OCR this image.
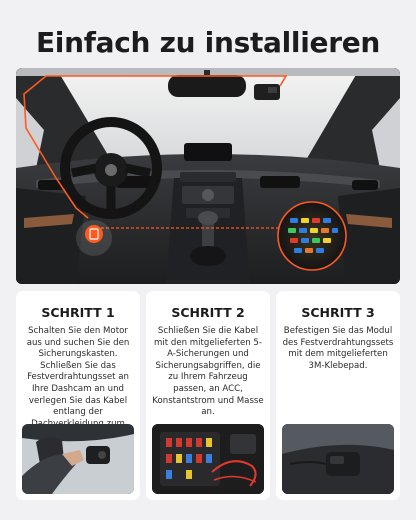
Einfach zu installieren
SCHRITT 1
Schalten Sie den Motor aus und suchen Sie den Sicherungskasten. Schließen Sie das Festverdrahtungsset an Ihre Dashcam an und verlegen Sie das Kabel entlang der
SCHRITT 2
Schließen Sie die Kabel mit den mitgelieferten 5-A-Sicherungen und Sicherungsabgriffen, die zu Ihrem Fahrzeug passen, an ACC, Konstantstrom und Masse an.
SCHRITT 3
Befestigen Sie das Modul des Festverdrahtungssets mit dem mitgelieferten 3M-Klebepad.
